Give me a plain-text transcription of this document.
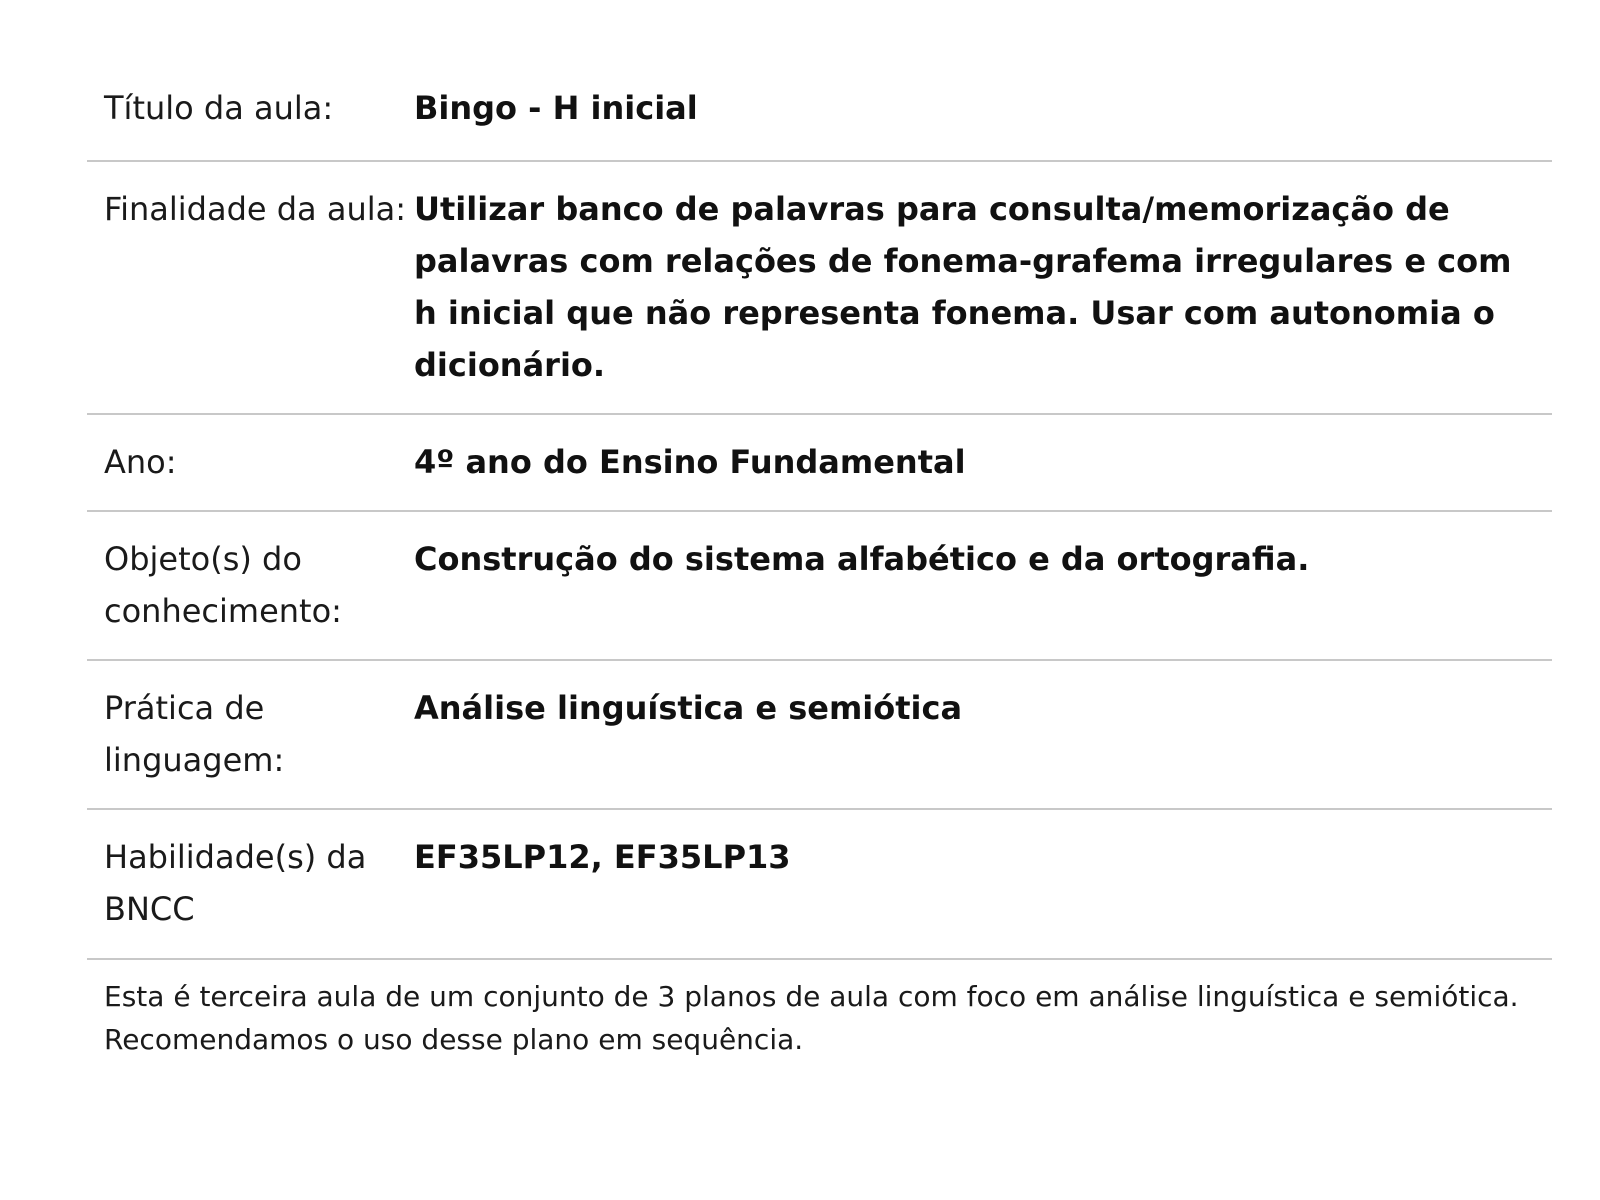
Título da aula:	Bingo - H inicial
Finalidade da aula: Utilizar banco de palavras para consulta/memorização de palavras com relações de fonema-grafema irregulares e com h inicial que não representa fonema. Usar com autonomia o dicionário.
Ano:	4º ano do Ensino Fundamental
Objeto(s) do conhecimento:
Construção do sistema alfabético e da ortografia.
Prática de linguagem:
Análise linguística e semiótica
Habilidade(s) da BNCC
EF35LP12, EF35LP13
Esta é terceira aula de um conjunto de 3 planos de aula com foco em análise linguística e semiótica. Recomendamos o uso desse plano em sequência.
